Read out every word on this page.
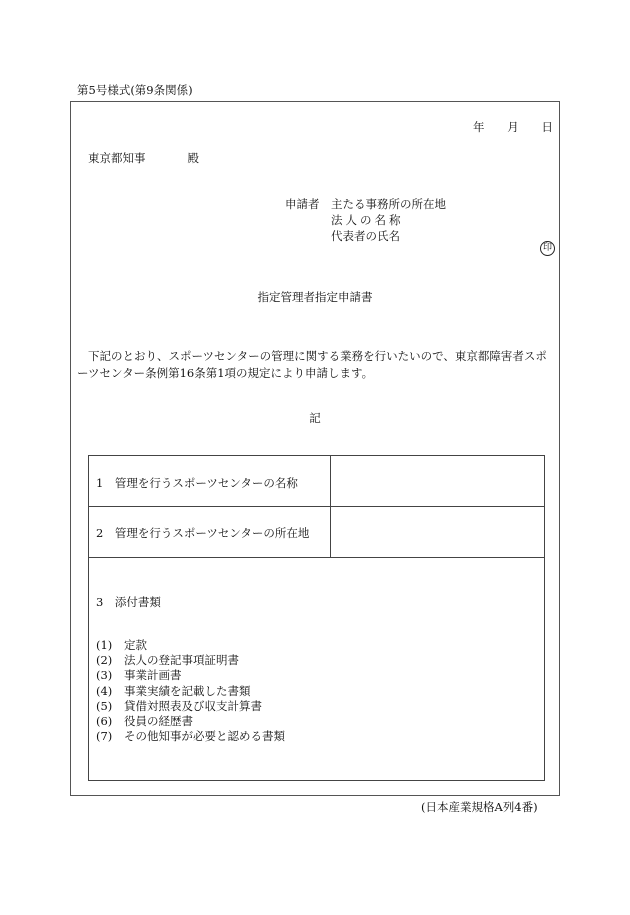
第5号様式(第9条関係)
年 月 日
東京都知事	殿
申請者 主たる事務所の所在地
法人の名称
代表者の氏名
印
指定管理者指定申請書
下記のとおり、スポーツセンターの管理に関する業務を行いたいので、東京都障害者スポーツセンター条例第16条第1項の規定により申請します。
記
1　管理を行うスポーツセンターの名称
2　管理を行うスポーツセンターの所在地
3　添付書類
(1)	定款
(2)	法人の登記事項証明書
(3)	事業計画書
(4)	事業実績を記載した書類
(5)	貸借対照表及び収支計算書
(6)	役員の経歴書
(7)	その他知事が必要と認める書類
(日本産業規格A列4番)
